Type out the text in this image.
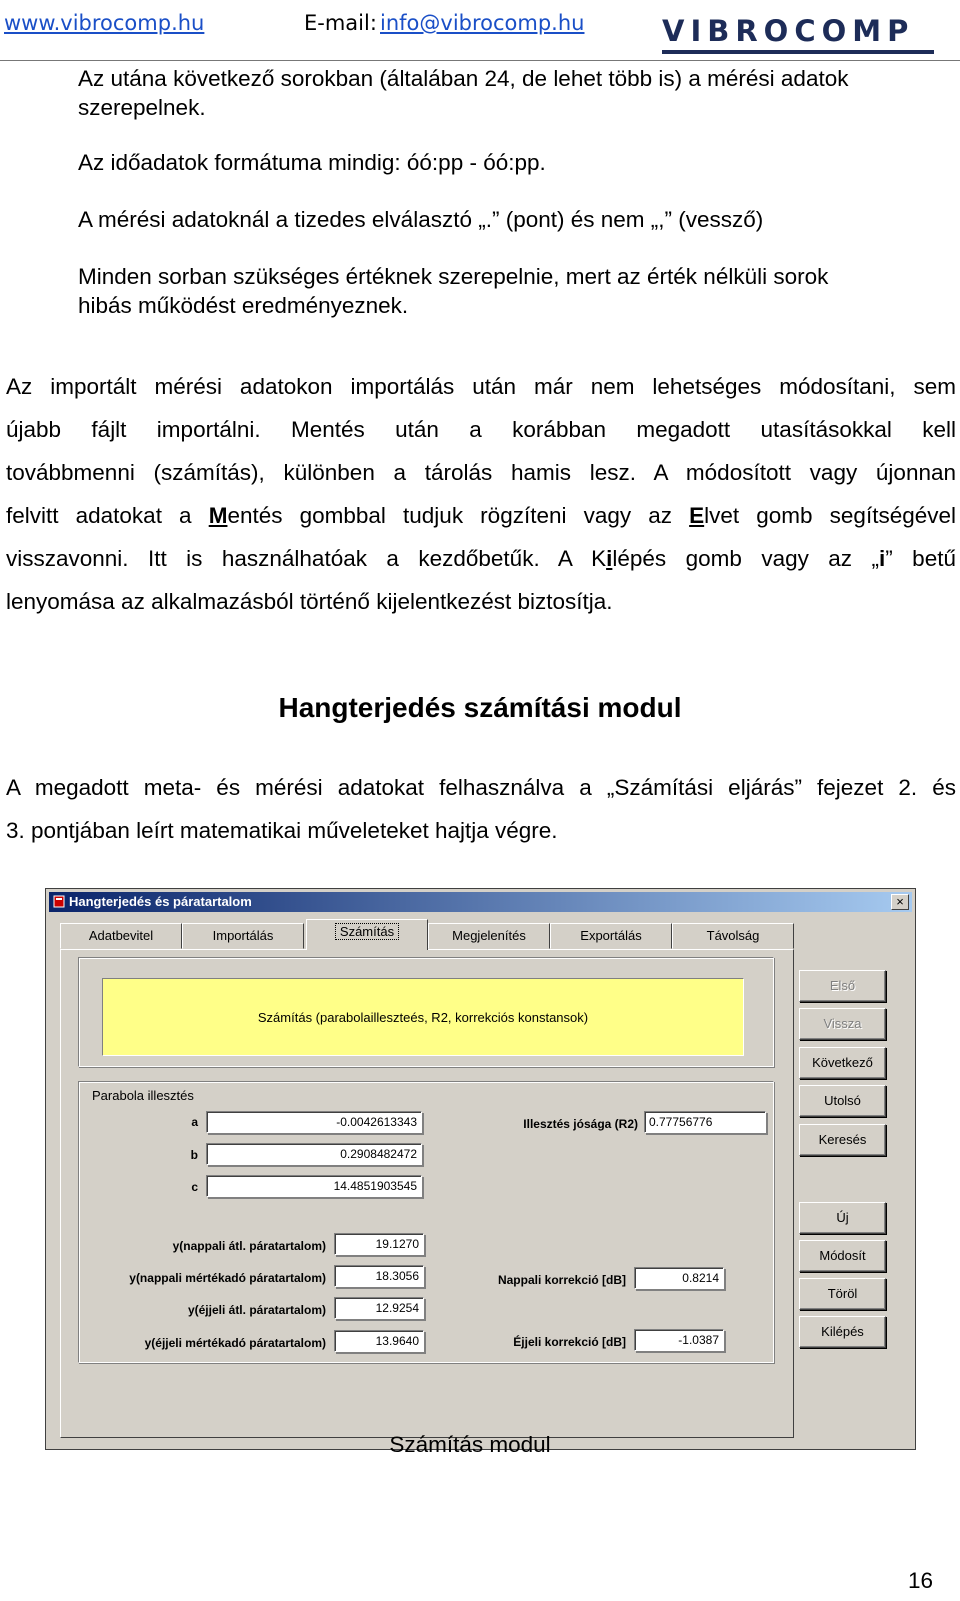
www.vibrocomp.hu	E-mail: info@vibrocomp.hu	VIBROCOMP

Az utána következő sorokban (általában 24, de lehet több is) a mérési adatok

szerepelnek.

Az időadatok formátuma mindig: óó:pp - óó:pp.

A mérési adatoknál a tizedes elválasztó „.” (pont) és nem „,” (vessző)

Minden sorban szükséges értéknek szerepelnie, mert az érték nélküli sorok

hibás működést eredményeznek.

Az importált mérési adatokon importálás után már nem lehetséges módosítani, sem

újabb fájlt importálni. Mentés után a korábban megadott utasításokkal kell

továbbmenni (számítás), különben a tárolás hamis lesz. A módosított vagy újonnan

felvitt adatokat a Mentés gombbal tudjuk rögzíteni vagy az Elvet gomb segítségével

visszavonni. Itt is használhatóak a kezdőbetűk. A Kilépés gomb vagy az „i” betű

lenyomása az alkalmazásból történő kijelentkezést biztosítja.

Hangterjedés számítási modul

A megadott meta- és mérési adatokat felhasználva a „Számítási eljárás” fejezet 2. és

3. pontjában leírt matematikai műveleteket hajtja végre.

Hangterjedés és páratartalom	×
Adatbevitel	Importálás	Számítás	Megjelenítés	Exportálás	Távolság
Számítás (parabolailleszteés, R2, korrekciós konstansok)
Parabola illesztés
a	-0.0042613343
b	0.2908482472
c	14.4851903545
Illesztés jósága (R2) 0.77756776
y(nappali átl. páratartalom)	19.1270
y(nappali mértékadó páratartalom)	18.3056
y(éjjeli átl. páratartalom)	12.9254
y(éjjeli mértékadó páratartalom)	13.9640
Nappali korrekció [dB]	0.8214
Éjjeli korrekció [dB]	-1.0387
Első
Vissza
Következő
Utolsó
Keresés
Új
Módosít
Töröl
Kilépés
Számítás modul
16
